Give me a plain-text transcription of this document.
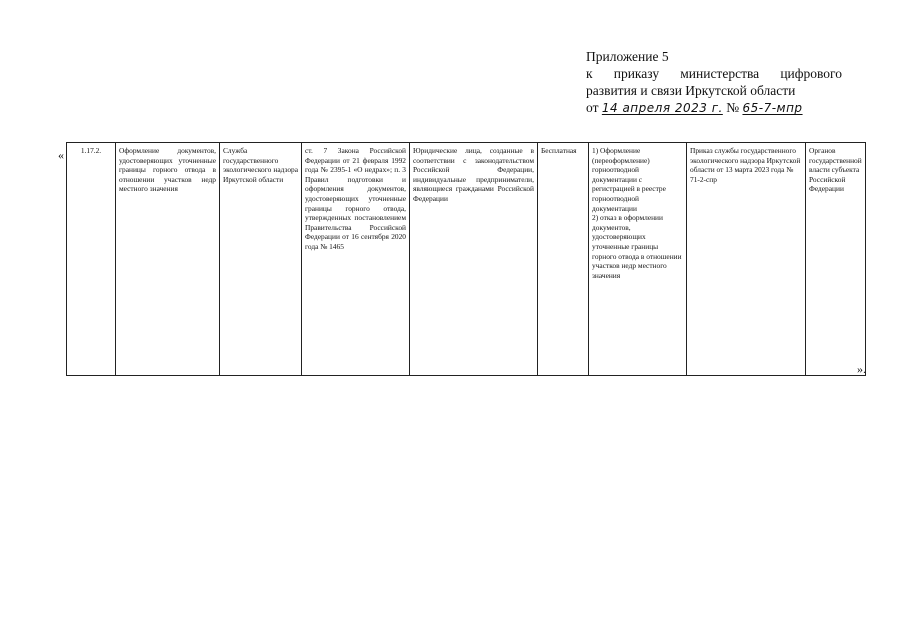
Приложение 5
к приказу министерства цифрового
развития и связи Иркутской области
от 14 апреля 2023 г. № 65-7-мпр
« 1.17.2.	Оформление документов, удостоверяющих уточненные границы горного отвода в отношении участков недр местного значения	Служба государственного экологического надзора Иркутской области	ст. 7 Закона Российской Федерации от 21 февраля 1992 года № 2395-1 «О недрах»; п. 3 Правил подготовки и оформления документов, удостоверяющих уточненные границы горного отвода, утвержденных постановлением Правительства Российской Федерации от 16 сентября 2020 года № 1465	Юридические лица, созданные в соответствии с законодательством Российской Федерации, индивидуальные предприниматели, являющиеся гражданами Российской Федерации	Бесплатная	1) Оформление (переоформление) горноотводной документации с регистрацией в реестре горноотводной документации
2) отказ в оформлении документов, удостоверяющих уточненные границы горного отвода в отношении участков недр местного значения
	Приказ службы государственного экологического надзора Иркутской области от 13 марта 2023 года № 71-2-спр	Органов государственной власти субъекта Российской Федерации
».
